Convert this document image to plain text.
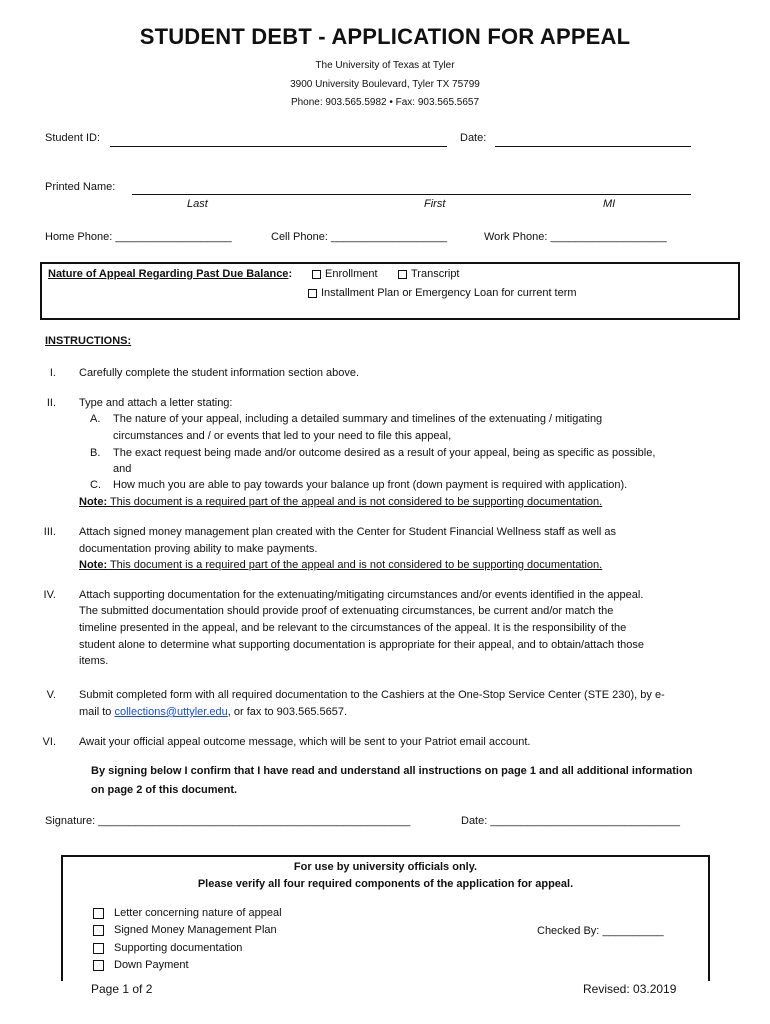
STUDENT DEBT - APPLICATION FOR APPEAL
The University of Texas at Tyler
3900 University Boulevard, Tyler TX 75799
Phone: 903.565.5982 • Fax: 903.565.5657
Student ID:	Date:
Printed Name:
Last	First	MI
Home Phone: ___________________	Cell Phone: ___________________	Work Phone: ___________________
Nature of Appeal Regarding Past Due Balance:	Enrollment	Transcript
Installment Plan or Emergency Loan for current term
INSTRUCTIONS:
I. Carefully complete the student information section above.
II. Type and attach a letter stating:
A. The nature of your appeal, including a detailed summary and timelines of the extenuating / mitigating
circumstances and / or events that led to your need to file this appeal,
B. The exact request being made and/or outcome desired as a result of your appeal, being as specific as possible,
and
C. How much you are able to pay towards your balance up front (down payment is required with application).
Note: This document is a required part of the appeal and is not considered to be supporting documentation.
III. Attach signed money management plan created with the Center for Student Financial Wellness staff as well as
documentation proving ability to make payments.
Note: This document is a required part of the appeal and is not considered to be supporting documentation.
IV. Attach supporting documentation for the extenuating/mitigating circumstances and/or events identified in the appeal.
The submitted documentation should provide proof of extenuating circumstances, be current and/or match the
timeline presented in the appeal, and be relevant to the circumstances of the appeal. It is the responsibility of the
student alone to determine what supporting documentation is appropriate for their appeal, and to obtain/attach those
items.
V. Submit completed form with all required documentation to the Cashiers at the One-Stop Service Center (STE 230), by e-
mail to collections@uttyler.edu, or fax to 903.565.5657.
VI. Await your official appeal outcome message, which will be sent to your Patriot email account.
By signing below I confirm that I have read and understand all instructions on page 1 and all additional information
on page 2 of this document.
Signature: ___________________________________________________	Date: _______________________________
For use by university officials only.
Please verify all four required components of the application for appeal.
Letter concerning nature of appeal
Signed Money Management Plan
Supporting documentation
Down Payment
Checked By: __________
Page 1 of 2	Revised: 03.2019
